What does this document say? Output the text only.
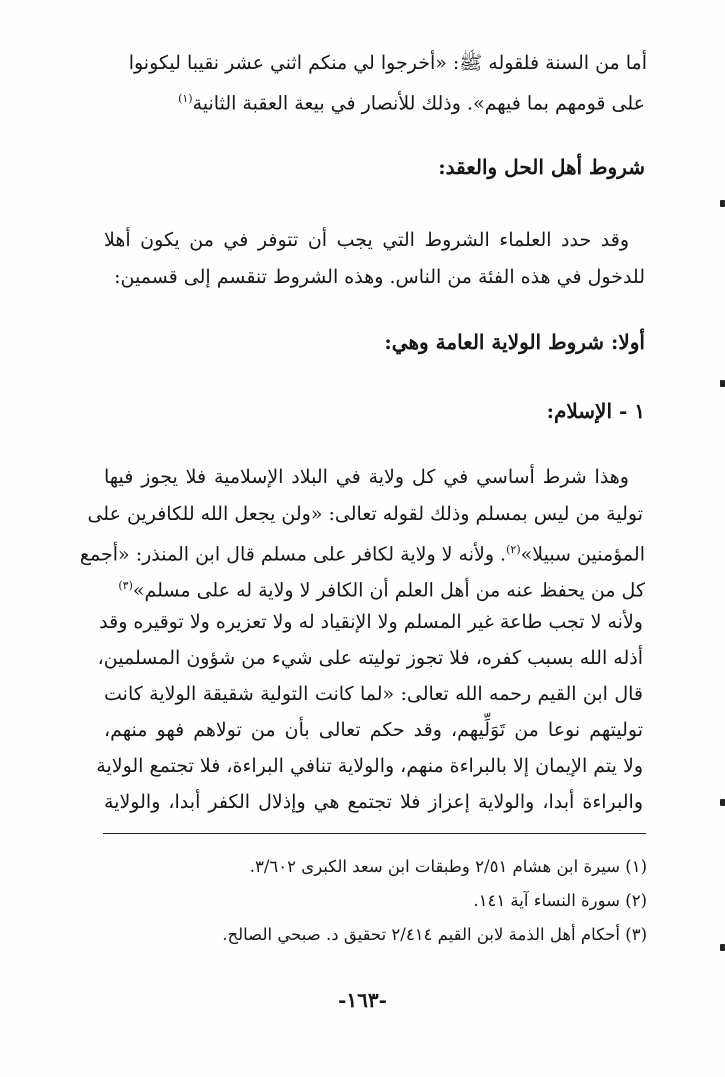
أما من السنة فلقوله ﷺ: «أخرجوا لي منكم اثني عشر نقيبا ليكونوا
على قومهم بما فيهم». وذلك للأنصار في بيعة العقبة الثانية$^{(١)}$
شروط أهل الحل والعقد:
وقد حدد العلماء الشروط التي يجب أن تتوفر في من يكون أهلا
للدخول في هذه الفئة من الناس. وهذه الشروط تنقسم إلى قسمين:
أولا: شروط الولاية العامة وهي:
١ - الإسلام:
وهذا شرط أساسي في كل ولاية في البلاد الإسلامية فلا يجوز فيها
تولية من ليس بمسلم وذلك لقوله تعالى: «ولن يجعل الله للكافرين على
المؤمنين سبيلا»$^{(٢)}$. ولأنه لا ولاية لكافر على مسلم قال ابن المنذر: «أجمع
كل من يحفظ عنه من أهل العلم أن الكافر لا ولاية له على مسلم»$^{(٣)}$
ولأنه لا تجب طاعة غير المسلم ولا الإنقياد له ولا تعزيره ولا توقيره وقد
أذله الله بسبب كفره، فلا تجوز توليته على شيء من شؤون المسلمين،
قال ابن القيم رحمه الله تعالى: «لما كانت التولية شقيقة الولاية كانت
توليتهم نوعا من تَوَلِّيهم، وقد حكم تعالى بأن من تولاهم فهو منهم،
ولا يتم الإيمان إلا بالبراءة منهم، والولاية تنافي البراءة، فلا تجتمع الولاية
والبراءة أبدا، والولاية إعزاز فلا تجتمع هي وإذلال الكفر أبدا، والولاية
(١) سيرة ابن هشام ٢/٥١ وطبقات ابن سعد الكبرى ٣/٦٠٢.
(٢) سورة النساء آية ١٤١.
(٣) أحكام أهل الذمة لابن القيم ٢/٤١٤ تحقيق د. صبحي الصالح.
-١٦٣-
